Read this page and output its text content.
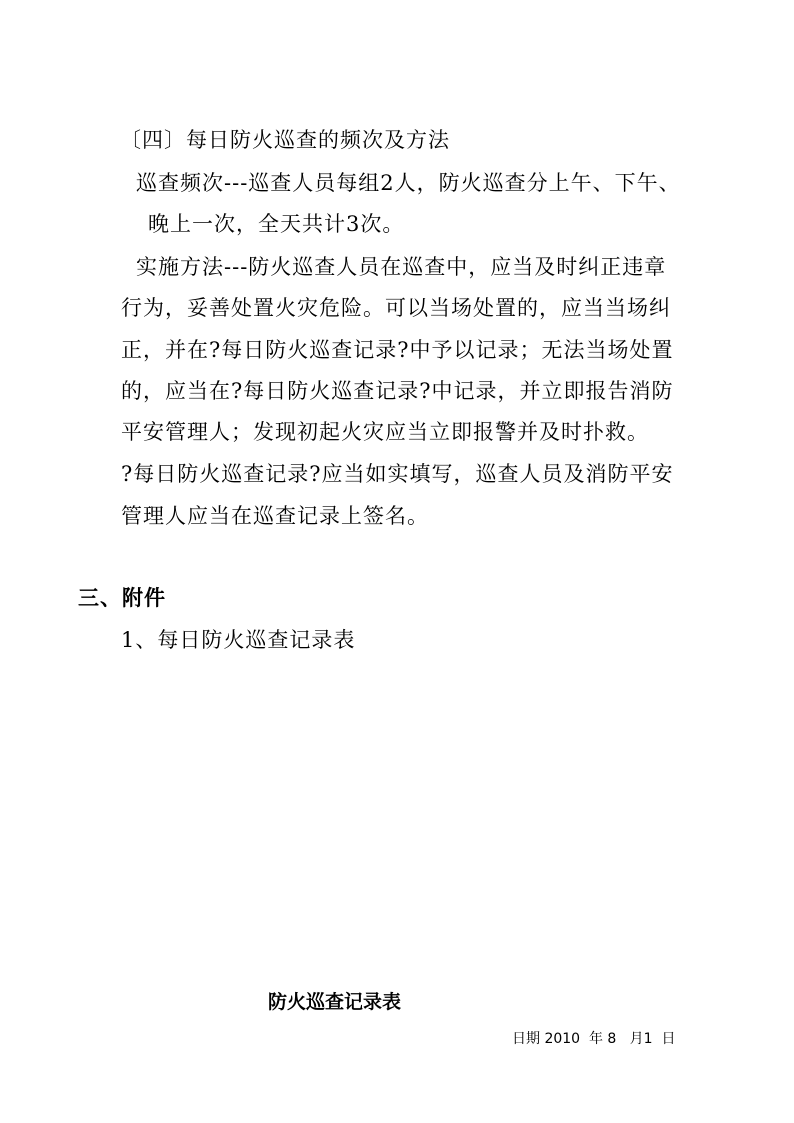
〔四〕每日防火巡查的频次及方法
巡查频次---巡查人员每组2人，防火巡查分上午、下午、
晚上一次，全天共计3次。
实施方法---防火巡查人员在巡查中，应当及时纠正违章
行为，妥善处置火灾危险。可以当场处置的，应当当场纠
正，并在?每日防火巡查记录?中予以记录；无法当场处置
的，应当在?每日防火巡查记录?中记录，并立即报告消防
平安管理人；发现初起火灾应当立即报警并及时扑救。
?每日防火巡查记录?应当如实填写，巡查人员及消防平安
管理人应当在巡查记录上签名。
三、附件
1、每日防火巡查记录表
防火巡查记录表
日期 2010  年 8   月1  日
